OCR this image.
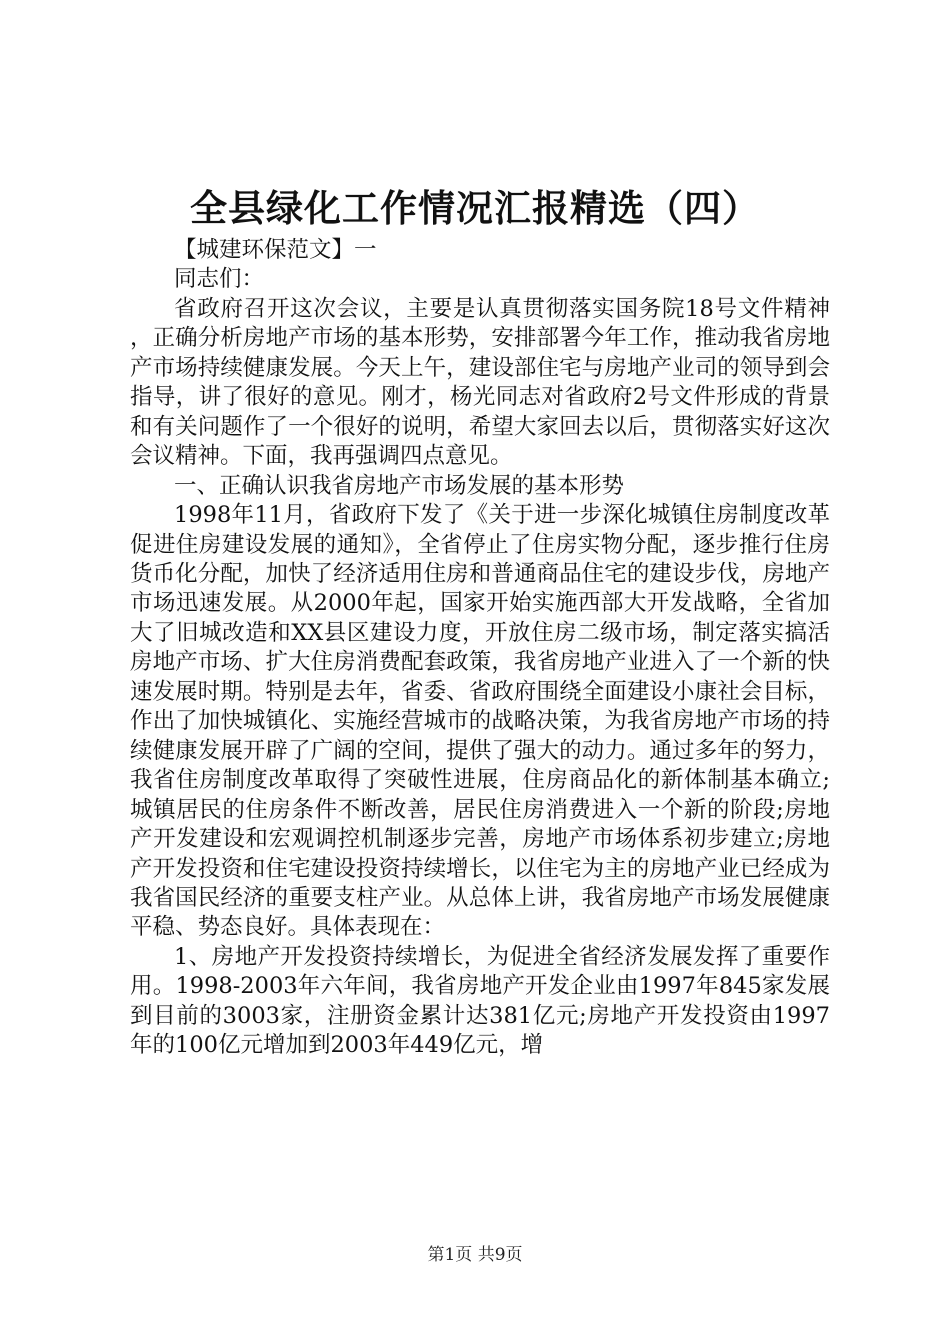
全县绿化工作情况汇报精选（四）

【城建环保范文】一

同志们：

省政府召开这次会议，主要是认真贯彻落实国务院18号文件精神，正确分析房地产市场的基本形势，安排部署今年工作，推动我省房地产市场持续健康发展。今天上午，建设部住宅与房地产业司的领导到会指导，讲了很好的意见。刚才，杨光同志对省政府2号文件形成的背景和有关问题作了一个很好的说明，希望大家回去以后，贯彻落实好这次会议精神。下面，我再强调四点意见。

一、正确认识我省房地产市场发展的基本形势

1998年11月，省政府下发了《关于进一步深化城镇住房制度改革促进住房建设发展的通知》，全省停止了住房实物分配，逐步推行住房货币化分配，加快了经济适用住房和普通商品住宅的建设步伐，房地产市场迅速发展。从2000年起，国家开始实施西部大开发战略，全省加大了旧城改造和XX县区建设力度，开放住房二级市场，制定落实搞活房地产市场、扩大住房消费配套政策，我省房地产业进入了一个新的快速发展时期。特别是去年，省委、省政府围绕全面建设小康社会目标，作出了加快城镇化、实施经营城市的战略决策，为我省房地产市场的持续健康发展开辟了广阔的空间，提供了强大的动力。通过多年的努力，我省住房制度改革取得了突破性进展，住房商品化的新体制基本确立;城镇居民的住房条件不断改善，居民住房消费进入一个新的阶段;房地产开发建设和宏观调控机制逐步完善，房地产市场体系初步建立;房地产开发投资和住宅建设投资持续增长，以住宅为主的房地产业已经成为我省国民经济的重要支柱产业。从总体上讲，我省房地产市场发展健康平稳、势态良好。具体表现在：

1、房地产开发投资持续增长，为促进全省经济发展发挥了重要作用。1998-2003年六年间，我省房地产开发企业由1997年845家发展到目前的3003家，注册资金累计达381亿元;房地产开发投资由1997年的100亿元增加到2003年449亿元，增

第1页 共9页
